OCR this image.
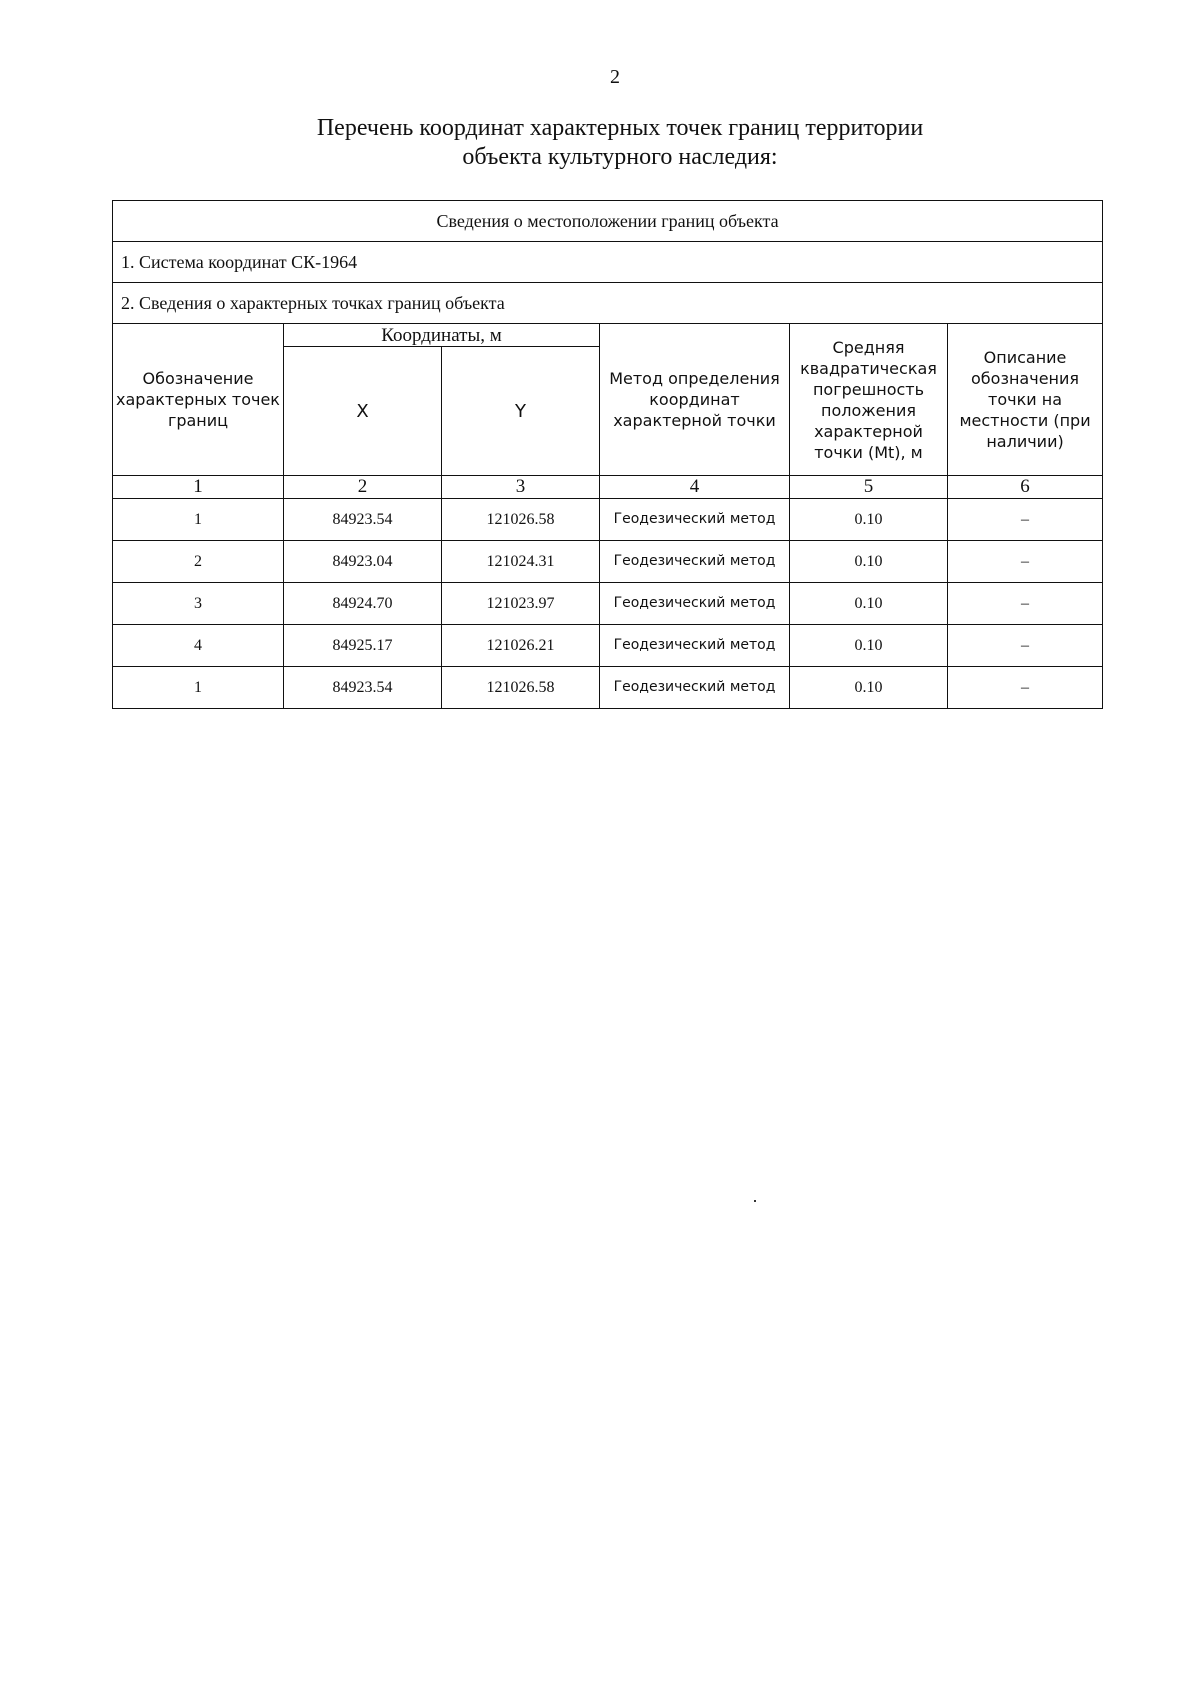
2
Перечень координат характерных точек границ территории
объекта культурного наследия:
Сведения о местоположении границ объекта					
1. Система координат СК-1964					
2. Сведения о характерных точках границ объекта					
Обозначение характерных точек границ	Координаты, м		Метод определения координат характерной точки	Средняя квадратическая погрешность положения характерной точки (Mt), м	Описание обозначения точки на местности (при наличии)
	X	Y			
1	2	3	4	5	6
1	84923.54	121026.58	Геодезический метод	0.10	–
2	84923.04	121024.31	Геодезический метод	0.10	–
3	84924.70	121023.97	Геодезический метод	0.10	–
4	84925.17	121026.21	Геодезический метод	0.10	–
1	84923.54	121026.58	Геодезический метод	0.10	–
